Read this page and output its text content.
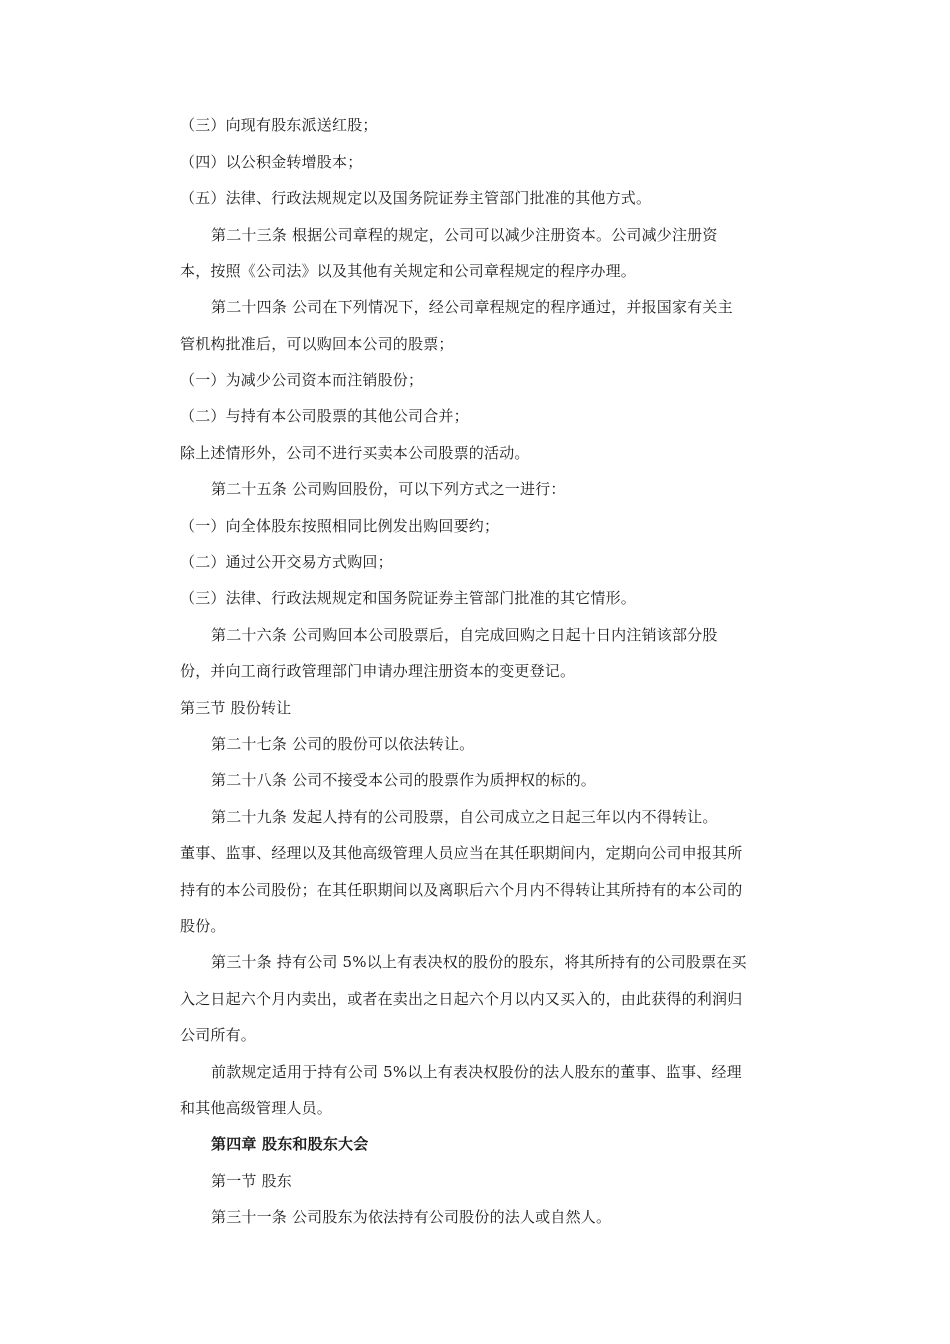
（三）向现有股东派送红股；
（四）以公积金转增股本；
（五）法律、行政法规规定以及国务院证券主管部门批准的其他方式。
第二十三条 根据公司章程的规定，公司可以减少注册资本。公司减少注册资
本，按照《公司法》以及其他有关规定和公司章程规定的程序办理。
第二十四条 公司在下列情况下，经公司章程规定的程序通过，并报国家有关主
管机构批准后，可以购回本公司的股票；
（一）为减少公司资本而注销股份；
（二）与持有本公司股票的其他公司合并；
除上述情形外，公司不进行买卖本公司股票的活动。
第二十五条 公司购回股份，可以下列方式之一进行：
（一）向全体股东按照相同比例发出购回要约；
（二）通过公开交易方式购回；
（三）法律、行政法规规定和国务院证券主管部门批准的其它情形。
第二十六条 公司购回本公司股票后，自完成回购之日起十日内注销该部分股
份，并向工商行政管理部门申请办理注册资本的变更登记。
第三节 股份转让
第二十七条 公司的股份可以依法转让。
第二十八条 公司不接受本公司的股票作为质押权的标的。
第二十九条 发起人持有的公司股票，自公司成立之日起三年以内不得转让。
董事、监事、经理以及其他高级管理人员应当在其任职期间内，定期向公司申报其所
持有的本公司股份；在其任职期间以及离职后六个月内不得转让其所持有的本公司的
股份。
第三十条 持有公司 5%以上有表决权的股份的股东，将其所持有的公司股票在买
入之日起六个月内卖出，或者在卖出之日起六个月以内又买入的，由此获得的利润归
公司所有。
前款规定适用于持有公司 5%以上有表决权股份的法人股东的董事、监事、经理
和其他高级管理人员。
第四章 股东和股东大会
第一节 股东
第三十一条 公司股东为依法持有公司股份的法人或自然人。
